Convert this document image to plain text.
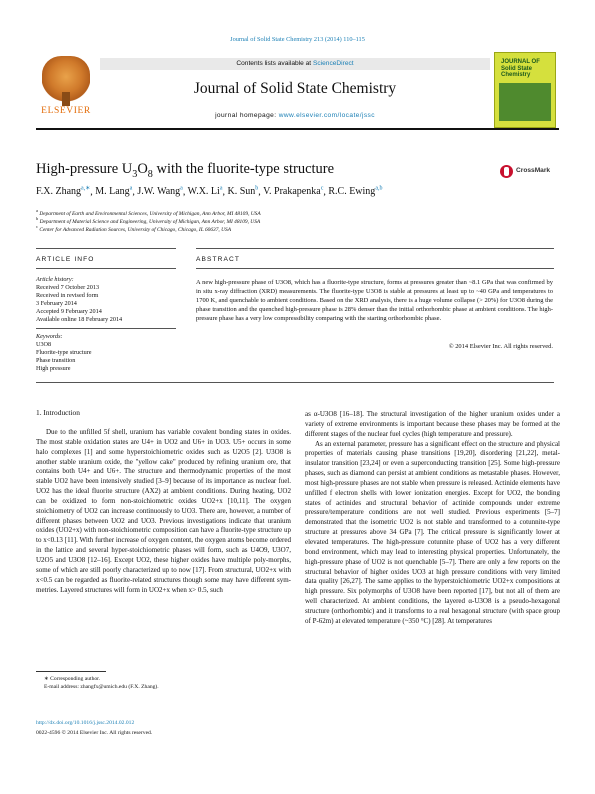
Journal of Solid State Chemistry 213 (2014) 110–115
ELSEVIER
Contents lists available at ScienceDirect
Journal of Solid State Chemistry
journal homepage: www.elsevier.com/locate/jssc
JOURNAL OF Solid State Chemistry
High-pressure $U_3O_8$ with the fluorite-type structure	CrossMark
F.X. Zhang$^{a,∗}$, M. Lang$^a$, J.W. Wang$^a$, W.X. Li$^a$, K. Sun$^b$, V. Prakapenka$^c$, R.C. Ewing$^{a,b}$
$^a$ Department of Earth and Environmental Sciences, University of Michigan, Ann Arbor, MI 48109, USA
$^b$ Department of Material Science and Engineering, University of Michigan, Ann Arbor, MI 48109, USA
$^c$ Center for Advanced Radiation Sources, University of Chicago, Chicago, IL 60637, USA
ARTICLE INFO	ABSTRACT
Article history:
Received 7 October 2013
Received in revised form
3 February 2014
Accepted 9 February 2014
Available online 18 February 2014
Keywords:
U3O8
Fluorite-type structure
Phase transition
High pressure
A new high-pressure phase of U3O8, which has a fluorite-type structure, forms at pressures greater than ~8.1 GPa that was confirmed by in situ x-ray diffraction (XRD) measurements. The fluorite-type U3O8 is stable at pressures at least up to ~40 GPa and temperatures to 1700 K, and quenchable to ambient conditions. Based on the XRD analysis, there is a huge volume collapse (> 20%) for U3O8 during the phase transition and the quenched high-pressure phase is 28% denser than the initial orthorhombic phase at ambient conditions. The high-pressure phase has a very low compressibility comparing with the starting orthorhombic phase.
© 2014 Elsevier Inc. All rights reserved.
1. Introduction

Due to the unfilled 5f shell, uranium has variable covalent bonding states in oxides. The most stable oxidation states are U4+ in UO2 and U6+ in UO3. U5+ occurs in some halo complexes [1] and some hyperstoichiometric oxides such as U2O5 [2]. U3O8 is another stable uranium oxide, the "yellow cake" produced by refining uranium ore, that contains both U4+ and U6+. The structure and thermodynamic properties of the most stable UO2 have been intensively studied [3–9] because of its importance as nuclear fuel. UO2 has the ideal fluorite structure (AX2) at ambient conditions. During heating, UO2 can be oxidized to form non-stoichiometric oxides UO2+x [10,11]. The oxygen stoichiometry of UO2 can increase continuously to UO3. There are, however, a number of different phases between UO2 and UO3. Previous investigations indicate that uranium oxides (UO2+x) with non-stoichiometric composition can have a fluorite-type structure up to x<0.13 [11]. With further increase of oxygen content, the oxygen atoms become ordered in the lattice and several hyper-stoichiometric phases will form, such as U4O9, U3O7, U2O5 and U3O8 [12–16]. Except UO2, these higher oxides have multiple poly-morphs, some of which are still poorly characterized up to now [17]. From structural, UO2+x with x<0.5 can be regarded as fluorite-related structures though some may have different sym-metries. Layered structures will form in UO2+x when x> 0.5, such

as α-U3O8 [16–18]. The structural investigation of the higher uranium oxides under a variety of extreme environments is important because these phases may be formed at the different stages of the nuclear fuel cycles (high temperature and pressure).

As an external parameter, pressure has a significant effect on the structure and physical properties of materials causing phase transitions [19,20], disordering [21,22], metal-insulator transition [23,24] or even a superconducting transition [25]. Some high-pressure phases, such as diamond can persist at ambient conditions as metastable phases. However, most high-pressure phases are not stable when pressure is released. Actinide elements have unfilled f electron shells with lower ionization energies. Except for UO2, the bonding states of actinides and structural behavior of actinide compounds under extreme pressure/temperature conditions are not well studied. Previous experiments [5–7] demonstrated that the isometric UO2 is not stable and transformed to a cotunnite-type structure at pressures above 34 GPa [7]. The critical pressure is significantly lower at elevated temperatures. The high-pressure cotunnite phase of UO2 has a very different bond environment, which may lead to interesting physical properties. Unfortunately, the high-pressure phase of UO2 is not quenchable [5–7]. There are only a few reports on the structural behavior of higher oxides UO3 at high pressure conditions with very limited data quality [26,27]. The same applies to the hyperstoichiometric UO2+x compositions at high pressure. Six polymorphs of U3O8 have been reported [17], but not all of them are well characterized. At ambient conditions, the layered α-U3O8 is a pseudo-hexagonal structure (orthorhombic) and it transforms to a real hexagonal structure (with space group of P-62m) at elevated temperature (~350 °C) [28]. At temperatures

∗ Corresponding author.
E-mail address: zhangfx@umich.edu (F.X. Zhang).
http://dx.doi.org/10.1016/j.jssc.2014.02.012
0022-4596 © 2014 Elsevier Inc. All rights reserved.
